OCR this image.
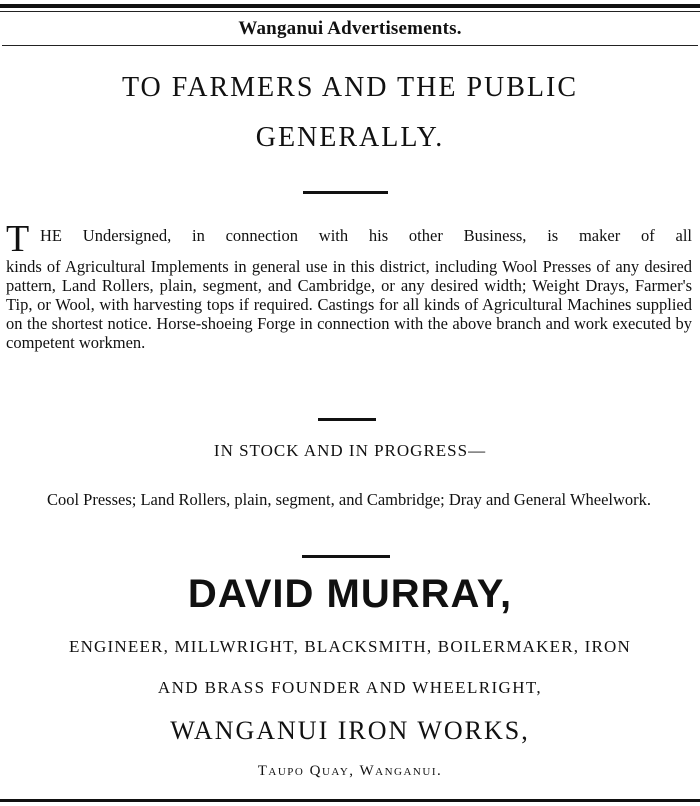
Wanganui Advertisements.
TO FARMERS AND THE PUBLIC
GENERALLY.
T HE Undersigned, in connection with his other Business, is maker of all
kinds of Agricultural Implements in general use in this district, including Wool Presses of any desired pattern, Land Rollers, plain, segment, and Cambridge, or any desired width; Weight Drays, Farmer's Tip, or Wool, with harvesting tops if required. Castings for all kinds of Agricultural Machines supplied on the shortest notice. Horse-shoeing Forge in connection with the above branch and work executed by competent workmen.
IN STOCK AND IN PROGRESS—
Cool Presses; Land Rollers, plain, segment, and Cambridge; Dray and General Wheelwork.
DAVID MURRAY,
ENGINEER, MILLWRIGHT, BLACKSMITH, BOILERMAKER, IRON
AND BRASS FOUNDER AND WHEELRIGHT,
WANGANUI IRON WORKS,
Taupo Quay, Wanganui.
